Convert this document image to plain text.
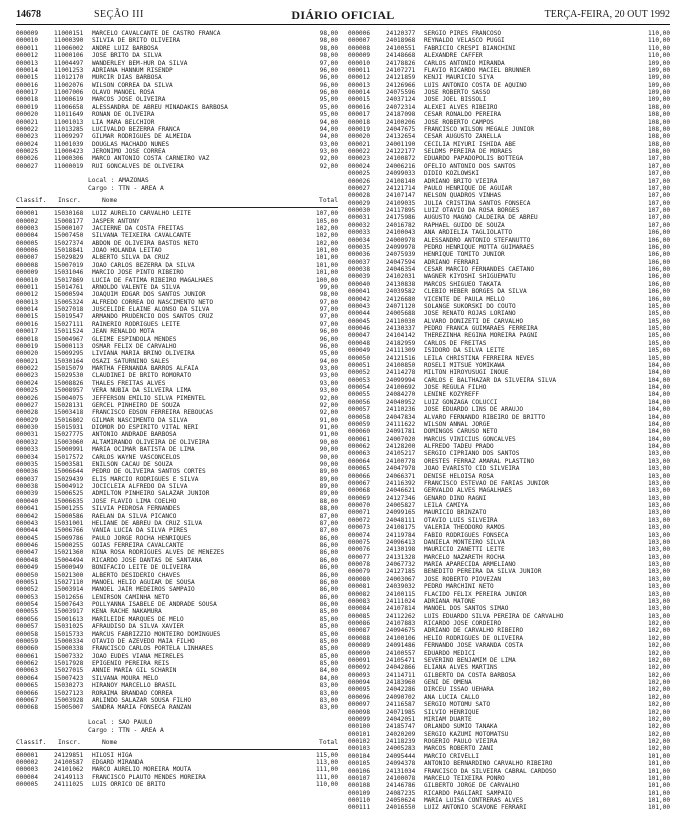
14678	SEÇÃO III	DIÁRIO OFICIAL	TERÇA-FEIRA, 20 OUT 1992
000009	11000151 MARCELO CAVALCANTE DE CASTRO FRANCA	98,00
000010	11000390 SILVIA DE BRITO OLIVEIRA	98,00
000011	11006002 ANDRE LUIZ BARBOSA	98,00
000012	11000106 JOSE BRITO DA SILVA	98,00
000013	11004497 WANDERLEY BEM-HUR DA SILVA	97,00
000014	11001253 ADRIANA HANNUM RISENDP	96,00
000015	11012170 MURCIR DIAS BARBOSA	96,00
000016	11002076 WILSON CORREA DA SILVA	96,00
000017	11007006 OLAVO MANOEL ROSA	96,00
000018	11000619 MARCOS JOSE OLIVEIRA	95,00
000019	11006658 ALESSANDRA DE ABREU MINADAKIS BARBOSA	95,00
000020	11011649 RONAN DE OLIVEIRA	95,00
000021	11001013 LIA MARA BELCHIOR	94,00
000022	11013285 LUCIVALDO BEZERRA FRANCA	94,00
000023	11009297 GILMAR RODRIGUES DE ALMEIDA	94,00
000024	11001039 DOUGLAS MACHADO NUNES	93,00
000025	11000423 JERONIMO JOSE CORREA	93,00
000026	11000306 MARCO ANTONIO COSTA CARNEIRO VAZ	92,00
000027	11000019 RUI GONCALVES DE OLIVEIRA	92,00
Local : AMAZONAS
Cargo : TTN - AREA A
Classif. Inscr.	Nome	Total
000001	15030168 LUIZ AURELIO CARVALHO LEITE	107,00
000002	15008177 JASPER ANTONY	105,00
000003	15000107 JACIERNE DA COSTA FREITAS	102,00
000004	15007450 SILVANA TEIXEIRA CAVALCANTE	102,00
000005	15027374 ABDON DE OLIVEIRA BASTOS NETO	102,00
000006	15018841 JOAO HOLANDA LEITAO	101,00
000007	15029829 ALBERTO SILVA DA CRUZ	101,00
000008	15007019 JOAO CARLOS BEZERRA DA SILVA	101,00
000009	15031046 MARCIO JOSE PINTO RIBEIRO	101,00
000010	15017869 LUCIA DE FATIMA RIBEIRO MAGALHAES	100,00
000011	15014761 ARNOLDO VALENTE DA SILVA	99,00
000012	15000594 JOAQUIM EDGAR DOS SANTOS JUNIOR	98,00
000013	15005324 ALFREDO CORREA DO NASCIMENTO NETO	97,00
000014	15027018 JUSCELIDE ELAINE ALONSO DA SILVA	97,00
000015	15019547 ARMANDO PRUDENCIO DOS SANTOS CRUZ	97,00
000016	15027111 RAINERIO RODRIGUES LEITE	97,00
000017	15011524 JEAN RENALDO MOTA	96,00
000018	15004967 GLEIME ESPINDOLA MENDES	96,00
000019	15000113 OSMAR FELIX DE CARVALHO	96,00
000020	15009295 LIVIANA MARIA BRINO OLIVEIRA	95,00
000021	15030164 OSAZI SATURNINO SALES	94,00
000022	15015079 MARTHA FERNANDA BARROS ALFAIA	93,00
000023	15029530 CLAUDINEI DE BRITO ROMORATO	93,00
000024	15008826 THALES FREITAS ALVES	93,00
000025	15008957 VERA NUBIA DA SILVEIRA LIMA	93,00
000026	15004075 JEFFERSON EMILIO SILVA PIMENTEL	92,00
000027	15028131 GERCEL PINHEIRO DE SOUZA	92,00
000028	15003418 FRANCISCO EDSON FERREIRA REBOUCAS	92,00
000029	15016802 GILMAR NASCIMENTO DA SILVA	91,00
000030	15015931 DIOMOR DO ESPIRITO VITAL NERI	91,00
000031	15027775 ANTONIO ANDRADE BARBOSA	91,00
000032	15003060 ALTAMIRANDO OLIVEIRA DE OLIVEIRA	90,00
000033	15000991 MARIA OCIMAR BATISTA DE LIMA	90,00
000034	15017572 CARLOS WAYNE VASCONCELOS	90,00
000035	15003581 ENILSON CACAU DE SOUZA	90,00
000036	15006644 PEDRO DE OLIVEIRA SANTOS CORTES	89,00
000037	15029439 ELIS MARCIO RODRIGUES E SILVA	89,00
000038	15004912 JOCICLEIA ALFREDO DA SILVA	89,00
000039	15006525 ADMILTON PINHEIRO SALAZAR JUNIOR	89,00
000040	15006635 JOSE FLAVIO LIMA COELHO	88,00
000041	15001255 SILVIA PEDROSA FERNANDES	88,00
000042	15000586 RAELAN DA SILVA PICANCO	87,00
000043	15031001 HELIANE DE ABREU DA CRUZ SILVA	87,00
000044	15006766 VANIA LUCIA DA SILVA PIRES	87,00
000045	15009786 PAULO JORGE ROCHA HENRIQUES	86,00
000046	15000255 GOIAS FERREIRA CAVALCANTE	86,00
000047	15021360 NINA ROSA RODRIGUES ALVES DE MENEZES	86,00
000048	15004494 RICARDO JOSE DANTAS DE SANTANA	86,00
000049	15000949 BONIFACIO LEITE DE OLIVEIRA	86,00
000050	15021300 ALBERTO DESIDERIO CHAVES	86,00
000051	15027110 MANOEL HELIO AGUIAR DE SOUSA	86,00
000052	15003914 MANOEL JAIR MEDEIROS SAMPAIO	86,00
000053	15012656 LENIRSON CAMINHA NETO	86,00
000054	15007643 POLLYANNA ISABELE DE ANDRADE SOUSA	86,00
000055	15003917 KENA RACHE NAKAMURA	85,00
000056	15001613 MARILEIDE MARQUES DE MELO	85,00
000057	15031025 AFRAUDISO DA SILVA XAVIER	85,00
000058	15015733 MARCUS FABRIZZIO MONTEIRO DOMINGUES	85,00
000059	15000334 OTAVIO DE AZEVEDO MAIA FILHO	85,00
000060	15000338 FRANCISCO CARLOS PORTELA LINHARES	85,00
000061	15007332 JOAO EUDES VIANA MEIRELES	85,00
000062	15017928 EPIGENIO PEREIRA REIS	85,00
000063	15027015 ANNIE MARIA GIL SCHARIN	84,00
000064	15007423 SILVANA MOURA MELO	84,00
000065	15030273 HIRANOY MARCELLO BRASIL	83,00
000066	15027123 RORAIMA BRANDAO CORREA	83,00
000067	15003928 ARLINDO SALAZAR SOUSA FILHO	83,00
000068	15005007 SANDRA MARIA FONSECA RANZAN	83,00
Local : SAO PAULO
Cargo : TTN - AREA A
Classif. Inscr.	Nome	Total
000001	24129851 HILOSI HIGA	115,00
000002	24100587 EDGARD MIRANDA	113,00
000003	24101062 MARCO AURELIO MOREIRA MOUTA	111,00
000004	24149113 FRANCISCO PLAUTO MENDES MOREIRA	111,00
000005	24111025 LUIS ORRICO DE BRITO	110,00
000006	24120377 SERGIO PIRES FRANCOSO	110,00
000007	24018968 REYNALDO VELASCO PUGGI	110,00
000008	24100551 FABRICIO CRESPI BIANCHINI	110,00
000009	24148668 ALEXANDRE CAFFER	110,00
000010	24178826 CARLOS ANTONIO MIRANDA	109,00
000011	24107271 FLAVIO RICARDO MACIEL BRUNNER	109,00
000012	24121859 KENJI MAURICIO SIYA	109,00
000013	24126966 LUIS ANTONIO COSTA DE AQUINO	109,00
000014	24075596 JOSE ROBERTO SASSO	109,00
000015	24037124 JOSE JOEL BISSOLI	109,00
000016	24072314 ALEXEI ALVES RIBEIRO	108,00
000017	24187098 CESAR RONALDO PEREIRA	108,00
000018	24100206 JOSE ROBERTO CAMPOS	108,00
000019	24047675 FRANCISCO WILSON MEGALE JUNIOR	108,00
000020	24132654 CESAR AUGUSTO ZANELLA	108,00
000021	24001190 CECILIA MIYURI ISHIDA ABE	108,00
000022	24122177 SELDMS PEREIRA DE MORAES	108,00
000023	24100872 EDUARDO PAPADOPOLIS BOTTEGA	107,00
000024	24006216 OFELIO ANTONIO DOS SANTOS	107,00
000025	24099033 DIDIO KOZLOWSKI	107,00
000026	24108140 ADRIANO BRITO VIEIRA	107,00
000027	24121714 PAULO HENRIQUE DE AGUIAR	107,00
000028	24107147 NELSON QUADROS VINHAS	107,00
000029	24109035 JULIA CRISTINA SANTOS FONSECA	107,00
000030	24117895 LUIZ OTAVIO DA ROSA BORGES	107,00
000031	24175986 AUGUSTO MAGNO CALDEIRA DE ABREU	107,00
000032	24016782 RAPHAEL GUIDO DE SOUZA	107,00
000033	24100043 ANA ARDIELIA TAGLIOLATTO	106,00
000034	24000978 ALESSANDRO ANTONIO STEFANUTTO	106,00
000035	24099978 PEDRO HENRIQUE MOTTA GUIMARAES	106,00
000036	24075939 HENRIQUE TOMITO JUNIOR	106,00
000037	24047594 ADRIANO FERRARI	106,00
000038	24046354 CESAR MARCIO FERNANDES CAETANO	106,00
000039	24102031 WAGNER KIYOSHI SHIGUEMATU	106,00
000040	24130838 MARCOS SHIGUEO TAKATA	106,00
000041	24039582 CLEBIO HEBER BORGES DA SILVA	106,00
000042	24126680 VICENTE DE PAULA MELLO	106,00
000043	24071120 SOLANGE SUKORSKI DO COUTO	105,00
000044	24005688 JOSE RENATO ROJAS LORIANO	105,00
000045	24110030 ALVARO DONIZETI DE CARVALHO	105,00
000046	24130337 PEDRO FRANCA GUIMARAES FERREIRA	105,00
000047	24104142 THEREZINHA REGINA MOREIRA PAGNI	105,00
000048	24182959 CARLOS DE FREITAS	105,00
000049	24111309 ISIDORO DA SILVA LEITE	105,00
000050	24121516 LEILA CHRISTINA FERREIRA NEVES	105,00
000051	24100850 ROSELI MITSUE YOMIKAWA	104,00
000052	24114278 MILTON HIROYUSUGI INOUE	104,00
000053	24099994 CARLOS E BALTHAZAR DA SILVEIRA SILVA	104,00
000054	24100692 JOSE REGULA FILHO	104,00
000055	24084270 LENINE KOZYREFF	104,00
000056	24040952 LUIZ GONZAGA COLUCCI	104,00
000057	24110236 JOSE EDUARDO LINS DE ARAUJO	104,00
000058	24047834 ALVARO FERNANDO RIBEIRO DE BRITTO	104,00
000059	24111622 WILSON ANNAL JORGE	104,00
000060	24091781 DOMINGOS CARUSO NETO	104,00
000061	24007020 MARCUS VINICIUS GONCALVES	104,00
000062	24128200 ALFREDO TADEU PRADO	104,00
000063	24105217 SERGIO CIPRIANO DOS SANTOS	103,00
000064	24100778 ORESTES FERRAZ AMARAL PLASTINO	103,00
000065	24047978 JOAO EVARISTO CID SILVEIRA	103,00
000066	24066371 DENISE HELOISA ROSA	103,00
000067	24116392 FRANCISCO ESTEVAO DE FARIAS JUNIOR	103,00
000068	24046621 GERVALDO ALVES MAGALHAES	103,00
000069	24127346 GENARO DINO RAGNI	103,00
000070	24005827 LEILA CAMIYA	103,00
000071	24099165 MAURICIO BRINZATO	103,00
000072	24048111 OTAVIO LUIS SILVEIRA	103,00
000073	24108175 VALERIA THEODORO RAMOS	103,00
000074	24119784 FABIO RODRIGUES FONSECA	103,00
000075	24096413 DANIELA MONTEIRO SILVA	103,00
000076	24130198 MAURICIO ZANETTI LEITE	103,00
000077	24131328 MARCELO NAZARETH ROCHA	103,00
000078	24067732 MARIA APARECIDA ARMELIANO	103,00
000079	24127185 BENEDITO PEREIRA DA SILVA JUNIOR	103,00
000080	24003067 JOSE ROBERTO PIOVEZAN	103,00
000081	24039032 PEDRO MARCHINI NETO	103,00
000082	24100115 FLACIDO FELIX PEREIRA JUNIOR	103,00
000083	24111024 ADRIANA MATONE	103,00
000084	24107814 MANOEL DOS SANTOS SIMAO	103,00
000085	24112262 LUIS EDUARDO SILVA PEREIRA DE CARVALHO	103,00
000086	24107883 RICARDO JOSE CORDEIRO	102,00
000087	24094675 ADRIANO DE CARVALHO RIBEIRO	102,00
000088	24100106 HELIO RODRIGUES DE OLIVEIRA	102,00
000089	24091486 FERNANDO JOSE VARANDA COSTA	102,00
000090	24100557 EDUARDO MEDICI	102,00
000091	24105471 SEVERINO BENJAMIM DE LIMA	102,00
000092	24042866 ELIANA ALVES MARTINS	102,00
000093	24114711 GILBERTO DA COSTA BARBOSA	102,00
000094	24183960 GENI DE OMENA	102,00
000095	24042286 DIRCEU ISSAO UEHARA	102,00
000096	24090702 ANA LUCIA CALLO	102,00
000097	24116587 SERGIO MOTOMU SATO	102,00
000098	24071985 SILVIO HENRIQUE	102,00
000099	24042051 MIRIAM DUARTE	102,00
000100	24185747 ORLANDO SUMIO TANAKA	102,00
000101	24020209 SERGIO KAZUMI MOTOMATSU	102,00
000102	24118239 ROGERIO PAULO VIEIRA	102,00
000103	24005283 MARCOS ROBERTO ZANI	102,00
000104	24095444 MARCIO CRIVELLI	101,00
000105	24094378 ANTONIO BERNARDINO CARVALHO RIBEIRO	101,00
000106	24131034 FRANCISCO DA SILVEIRA CABRAL CARDOSO	101,00
000107	24100078 MARCELO TEIXEIRA PONRO	101,00
000108	24146786 GILBERTO JORGE DE CARVALHO	101,00
000109	24087235 RICARDO PAGLIARI SAMPAIO	101,00
000110	24050624 MARIA LUISA CONTRERAS ALVES	101,00
000111	24016550 LUIZ ANTONIO SCAVONE FERRARI	101,00
